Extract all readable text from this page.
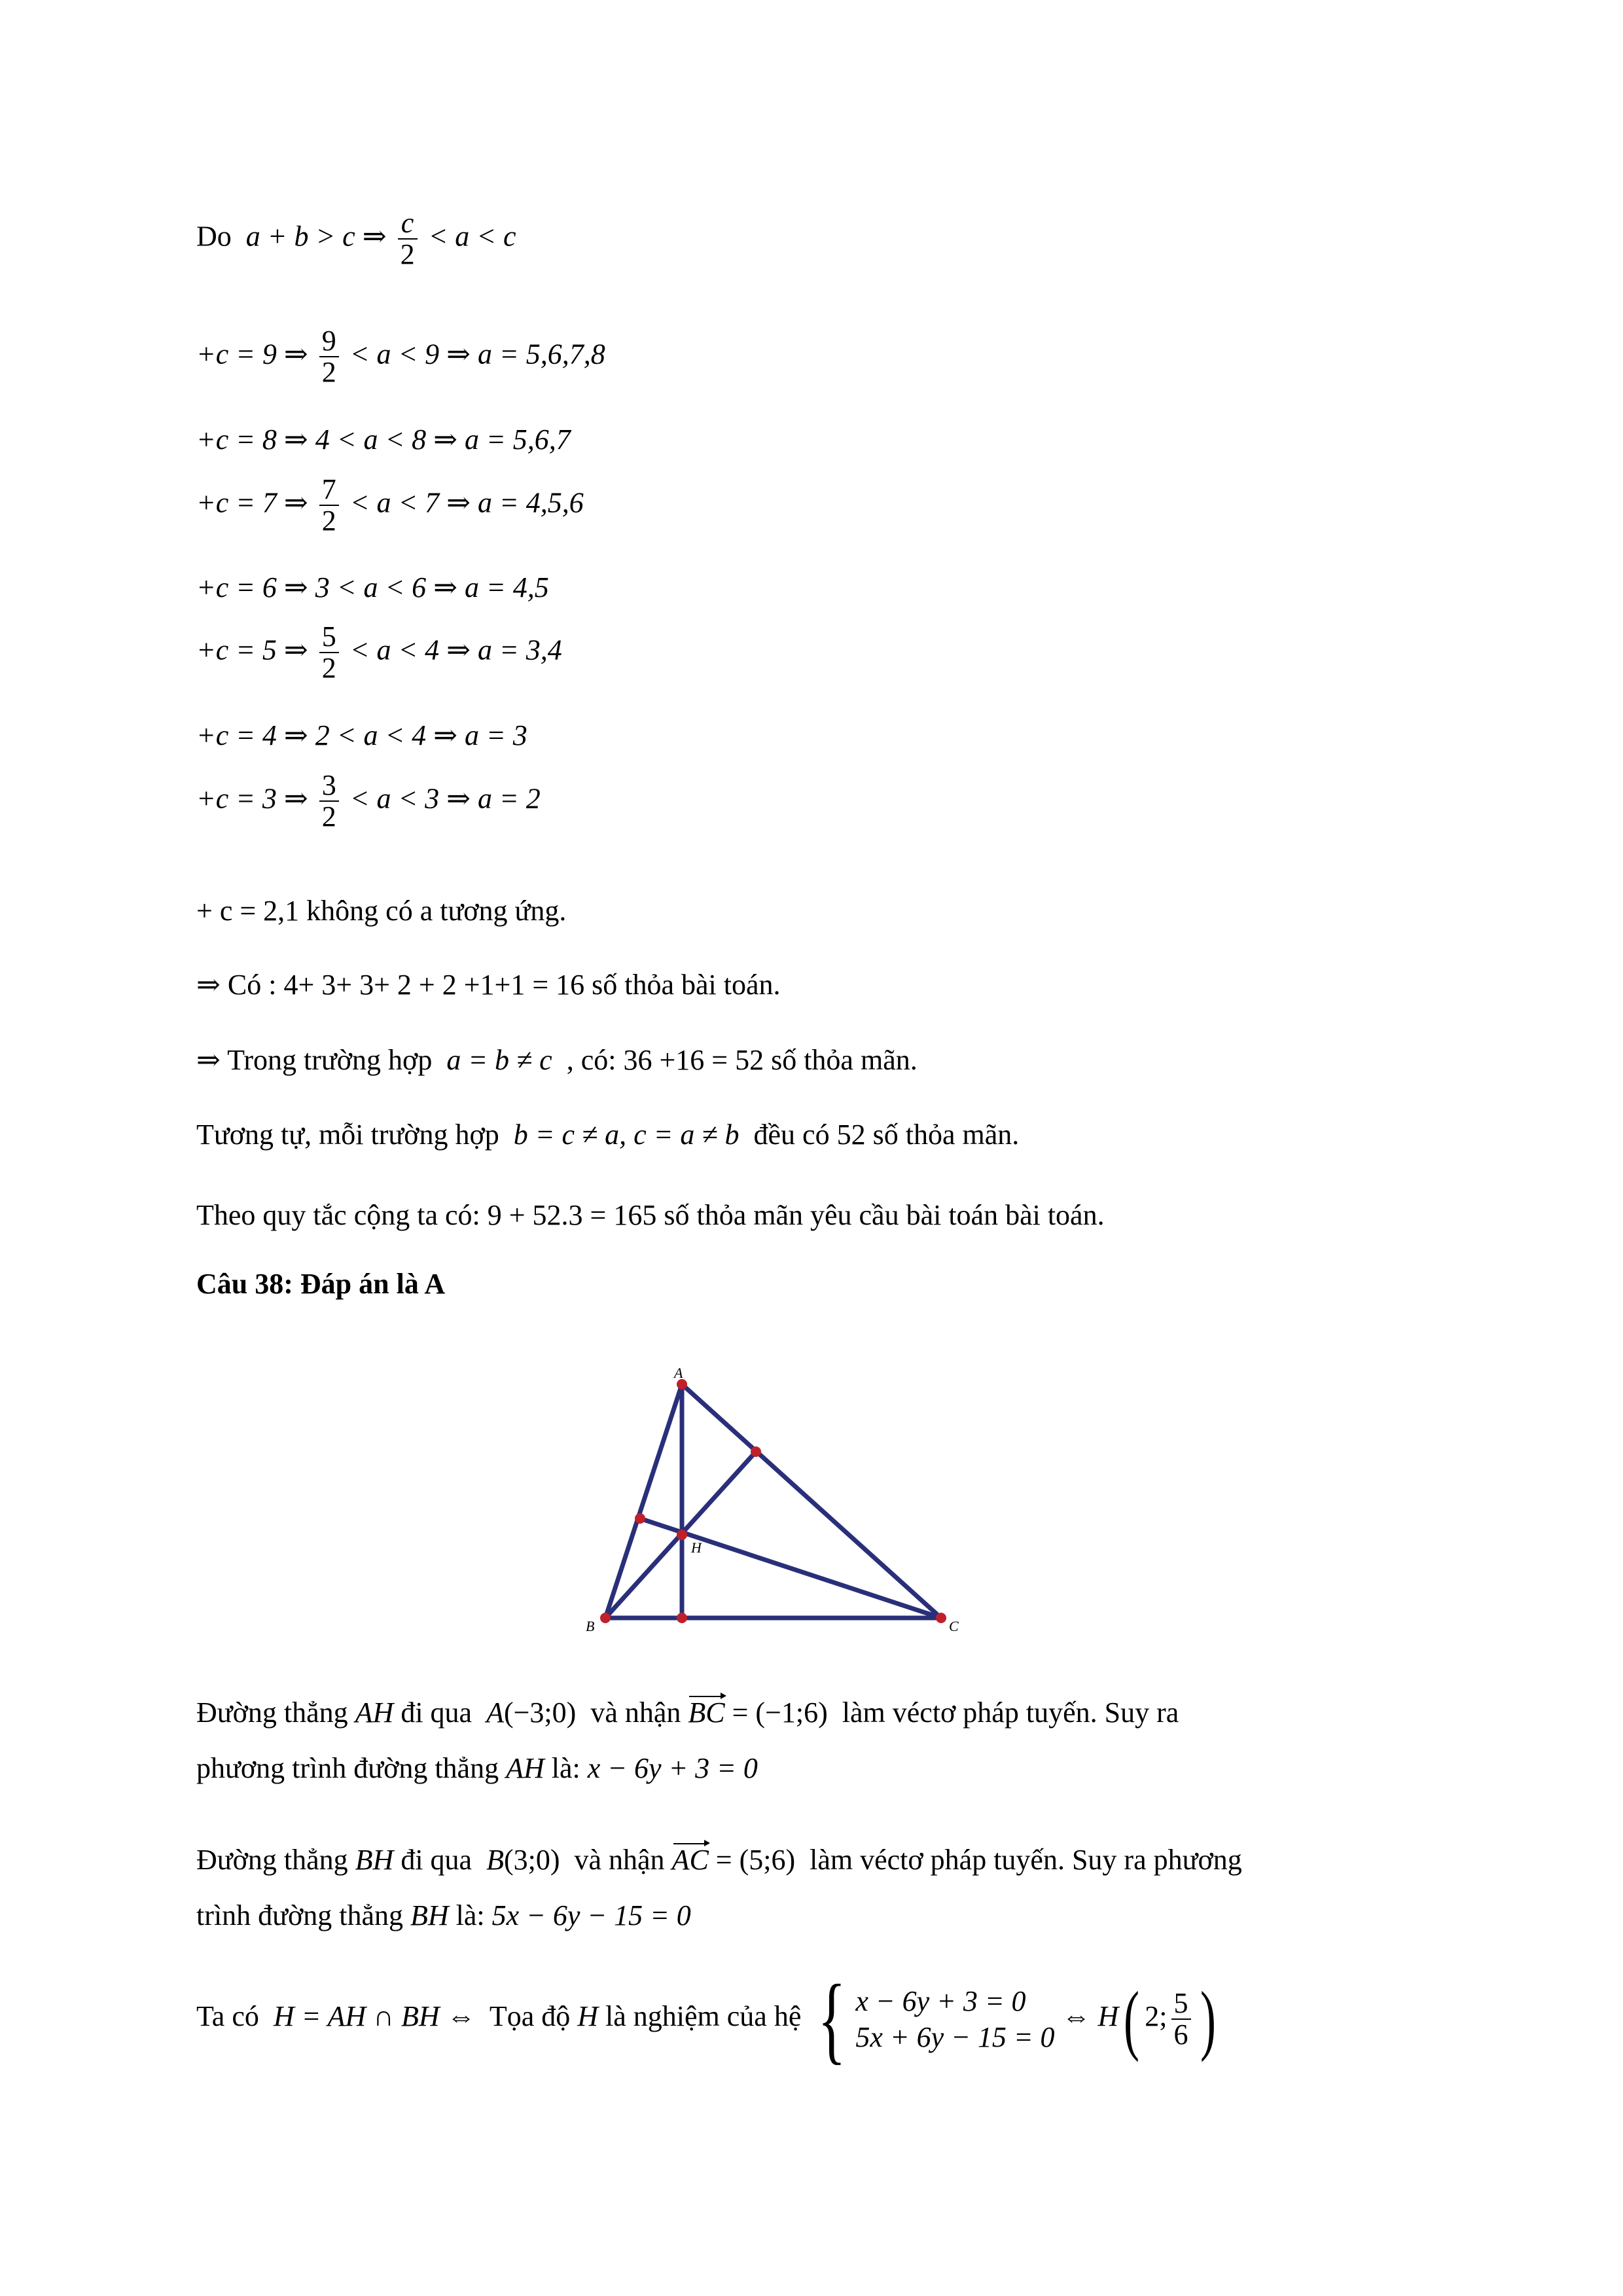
Do a + b > c ⇒ $\frac{c}{2} < a < c$
+c = 9 ⇒ $\frac{9}{2} < a < 9$ ⇒ a = 5,6,7,8
+c = 8 ⇒ 4 < a < 8 ⇒ a = 5,6,7
+c = 7 ⇒ $\frac{7}{2} < a < 7$ ⇒ a = 4,5,6
+c = 6 ⇒ 3 < a < 6 ⇒ a = 4,5
+c = 5 ⇒ $\frac{5}{2} < a < 4$ ⇒ a = 3,4
+c = 4 ⇒ 2 < a < 4 ⇒ a = 3
+c = 3 ⇒ $\frac{3}{2} < a < 3$ ⇒ a = 2
+ c = 2,1 không có a tương ứng.
⇒ Có : 4+ 3+ 3+ 2 + 2 +1+1 = 16 số thỏa bài toán.
⇒ Trong trường hợp a = b ≠ c , có: 36 +16 = 52 số thỏa mãn.
Tương tự, mỗi trường hợp b = c ≠ a, c = a ≠ b đều có 52 số thỏa mãn.
Theo quy tắc cộng ta có: 9 + 52.3 = 165 số thỏa mãn yêu cầu bài toán bài toán.
Câu 38: Đáp án là A
A
B	C
H
Đường thẳng AH đi qua A(−3;0) và nhận BC = (−1;6) làm véctơ pháp tuyến. Suy ra
phương trình đường thẳng AH là: x − 6y + 3 = 0
Đường thẳng BH đi qua B(3;0) và nhận AC = (5;6) làm véctơ pháp tuyến. Suy ra phương
trình đường thẳng BH là: 5x − 6y − 15 = 0
Ta có H = AH ∩ BH ⇔ Tọa độ H là nghiệm của hệ { x − 6y + 3 = 0
5x + 6y − 15 = 0 ⇔ H( 2; $\frac{5}{6}$ )
